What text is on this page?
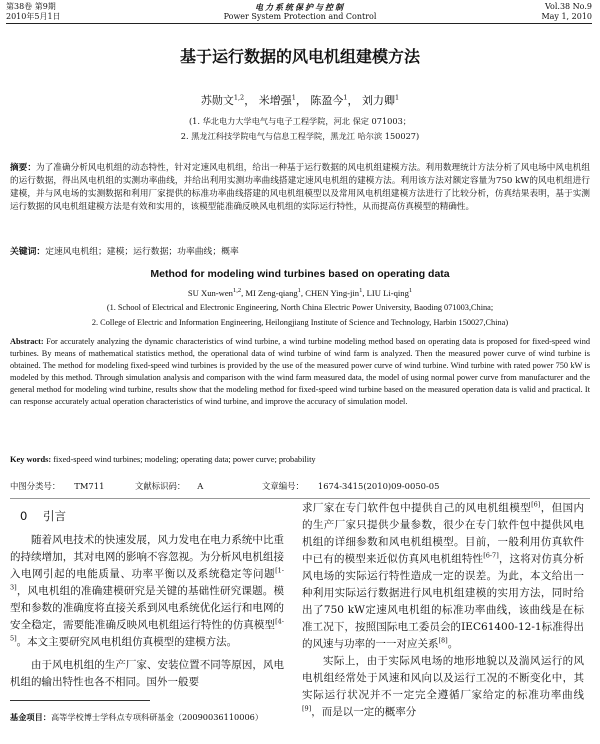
第38卷 第9期
2010年5月1日
电力系统保护与控制
Power System Protection and Control
Vol.38 No.9
May 1, 2010
基于运行数据的风电机组建模方法
苏勋文$^{1,2}$， 米增强$^1$， 陈盈今$^1$， 刘力卿$^1$
(1. 华北电力大学电气与电子工程学院，河北 保定 071003；
2. 黑龙江科技学院电气与信息工程学院，黑龙江 哈尔滨 150027)
摘要：为了准确分析风电机组的动态特性，针对定速风电机组，给出一种基于运行数据的风电机组建模方法。利用数理统计方法分析了风电场中风电机组的运行数据，得出风电机组的实测功率曲线，并给出利用实测功率曲线搭建定速风电机组的建模方法。利用该方法对额定容量为750 kW的风电机组进行建模，并与风电场的实测数据和利用厂家提供的标准功率曲线搭建的风电机组模型以及常用风电机组建模方法进行了比较分析，仿真结果表明，基于实测运行数据的风电机组建模方法是有效和实用的，该模型能准确反映风电机组的实际运行特性，从而提高仿真模型的精确性。
关键词：定速风电机组；建模；运行数据；功率曲线；概率
Method for modeling wind turbines based on operating data
SU Xun-wen$^{1,2}$, MI Zeng-qiang$^1$, CHEN Ying-jin$^1$, LIU Li-qing$^1$
(1. School of Electrical and Electronic Engineering, North China Electric Power University, Baoding 071003,China;
2. College of Electric and Information Engineering, Heilongjiang Institute of Science and Technology, Harbin 150027,China)
Abstract: For accurately analyzing the dynamic characteristics of wind turbine, a wind turbine modeling method based on operating data is proposed for fixed-speed wind turbines. By means of mathematical statistics method, the operational data of wind turbine of wind farm is analyzed. Then the measured power curve of wind turbine is obtained. The method for modeling fixed-speed wind turbines is provided by the use of the measured power curve of wind turbine. Wind turbine with rated power 750 kW is modeled by this method. Through simulation analysis and comparison with the wind farm measured data, the model of using normal power curve from manufacturer and the general method for modeling wind turbine, results show that the modeling method for fixed-speed wind turbine based on the measured operation data is valid and practical. It can response accurately actual operation characteristics of wind turbine, and improve the accuracy of simulation model.
Key words: fixed-speed wind turbines; modeling; operating data; power curve; probability
中图分类号： TM711	文献标识码： A	文章编号： 1674-3415(2010)09-0050-05
0 引言

随着风电技术的快速发展，风力发电在电力系统中比重的持续增加，其对电网的影响不容忽视。为分析风电机组接入电网引起的电能质量、功率平衡以及系统稳定等问题[1-3]，风电机组的准确建模研究是关键的基础性研究课题。模型和参数的准确度将直接关系到风电系统优化运行和电网的安全稳定，需要能准确反映风电机组运行特性的仿真模型[4-5]。本文主要研究风电机组仿真模型的建模方法。

由于风电机组的生产厂家、安装位置不同等原因，风电机组的输出特性也各不相同。国外一般要

求厂家在专门软件包中提供自己的风电机组模型[6]，但国内的生产厂家只提供少量参数，很少在专门软件包中提供风电机组的详细参数和风电机组模型。目前，一般利用仿真软件中已有的模型来近似仿真风电机组特性[6-7]，这将对仿真分析风电场的实际运行特性造成一定的误差。为此，本文给出一种利用实际运行数据进行风电机组建模的实用方法，同时给出了750 kW定速风电机组的标准功率曲线，该曲线是在标准工况下，按照国际电工委员会的IEC61400-12-1标准得出的风速与功率的一一对应关系[8]。

实际上，由于实际风电场的地形地貌以及湍风运行的风电机组经常处于风速和风向以及运行工况的不断变化中，其实际运行状况并不一定完全遵循厂家给定的标准功率曲线[9]，而是以一定的概率分

基金项目：高等学校博士学科点专项科研基金（20090036110006）
